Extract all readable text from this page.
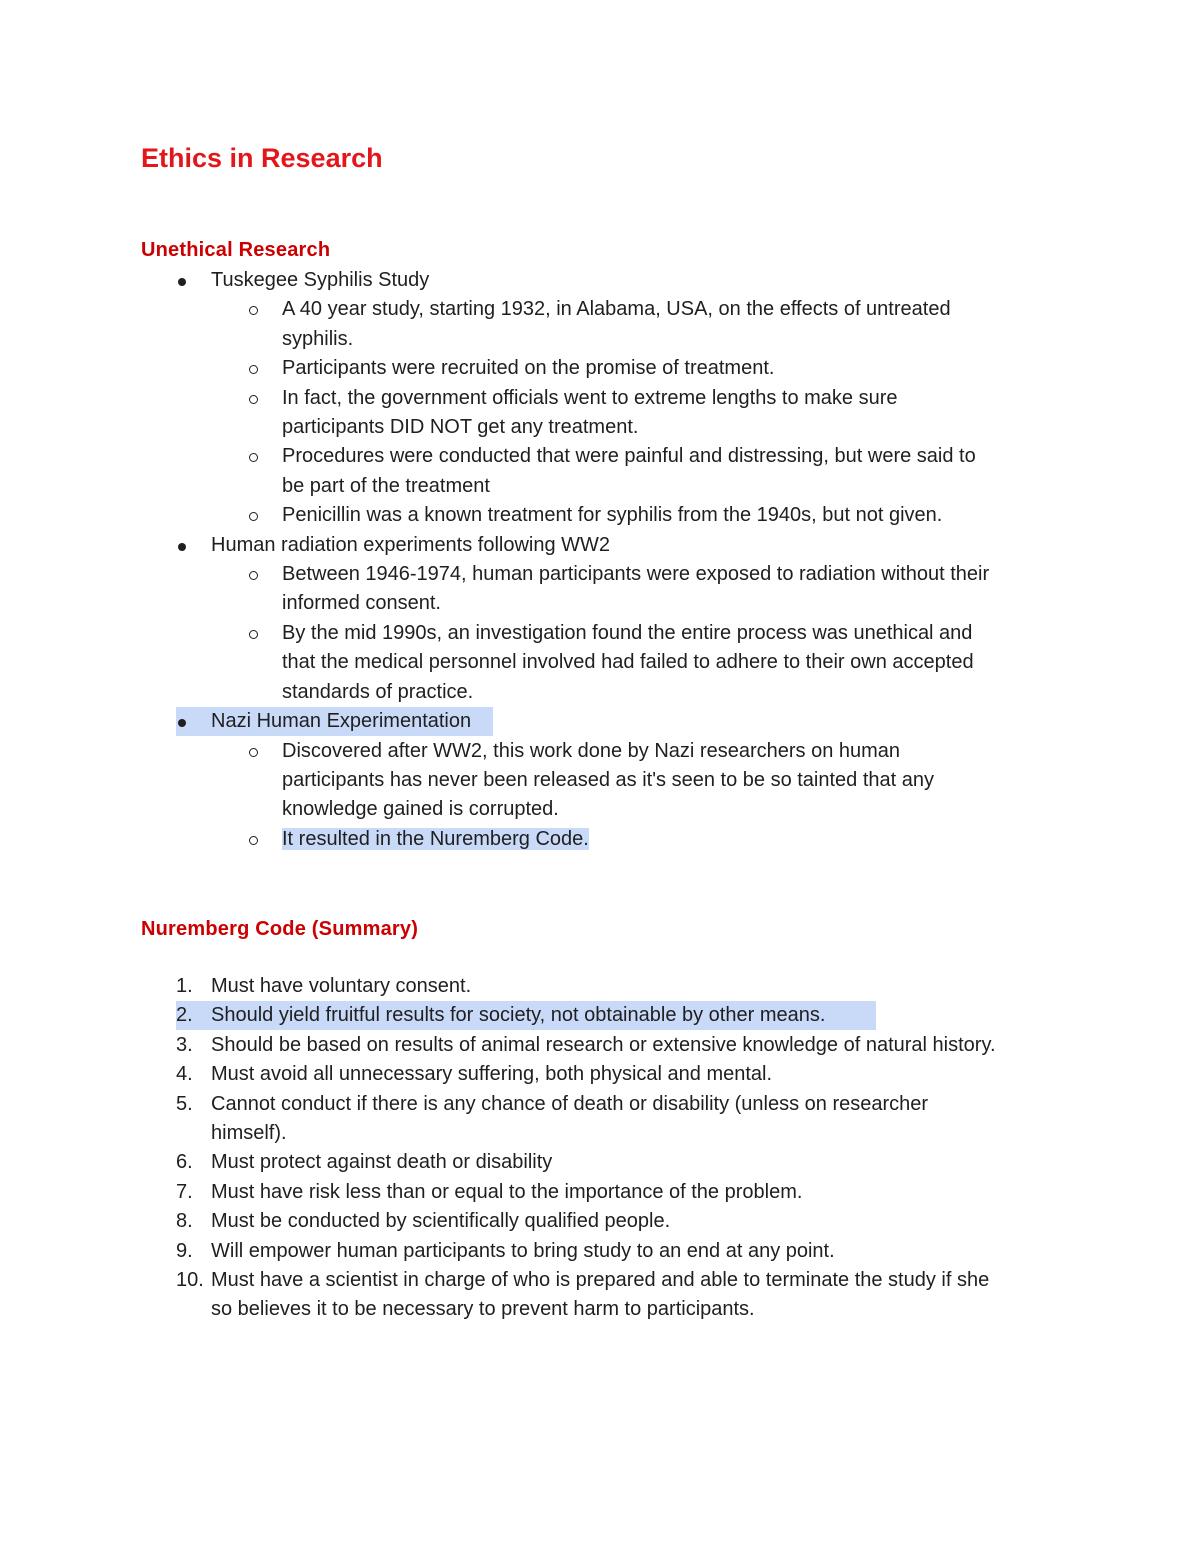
Ethics in Research
Unethical Research
Tuskegee Syphilis Study
A 40 year study, starting 1932, in Alabama, USA, on the effects of untreated
syphilis.
Participants were recruited on the promise of treatment.
In fact, the government officials went to extreme lengths to make sure
participants DID NOT get any treatment.
Procedures were conducted that were painful and distressing, but were said to
be part of the treatment
Penicillin was a known treatment for syphilis from the 1940s, but not given.
Human radiation experiments following WW2
Between 1946-1974, human participants were exposed to radiation without their
informed consent.
By the mid 1990s, an investigation found the entire process was unethical and
that the medical personnel involved had failed to adhere to their own accepted
standards of practice.
Nazi Human Experimentation
Discovered after WW2, this work done by Nazi researchers on human
participants has never been released as it's seen to be so tainted that any
knowledge gained is corrupted.
It resulted in the Nuremberg Code.
Nuremberg Code (Summary)
1. Must have voluntary consent.
2. Should yield fruitful results for society, not obtainable by other means.
3. Should be based on results of animal research or extensive knowledge of natural history.
4. Must avoid all unnecessary suffering, both physical and mental.
5. Cannot conduct if there is any chance of death or disability (unless on researcher
himself).
6. Must protect against death or disability
7. Must have risk less than or equal to the importance of the problem.
8. Must be conducted by scientifically qualified people.
9. Will empower human participants to bring study to an end at any point.
10. Must have a scientist in charge of who is prepared and able to terminate the study if she
so believes it to be necessary to prevent harm to participants.
